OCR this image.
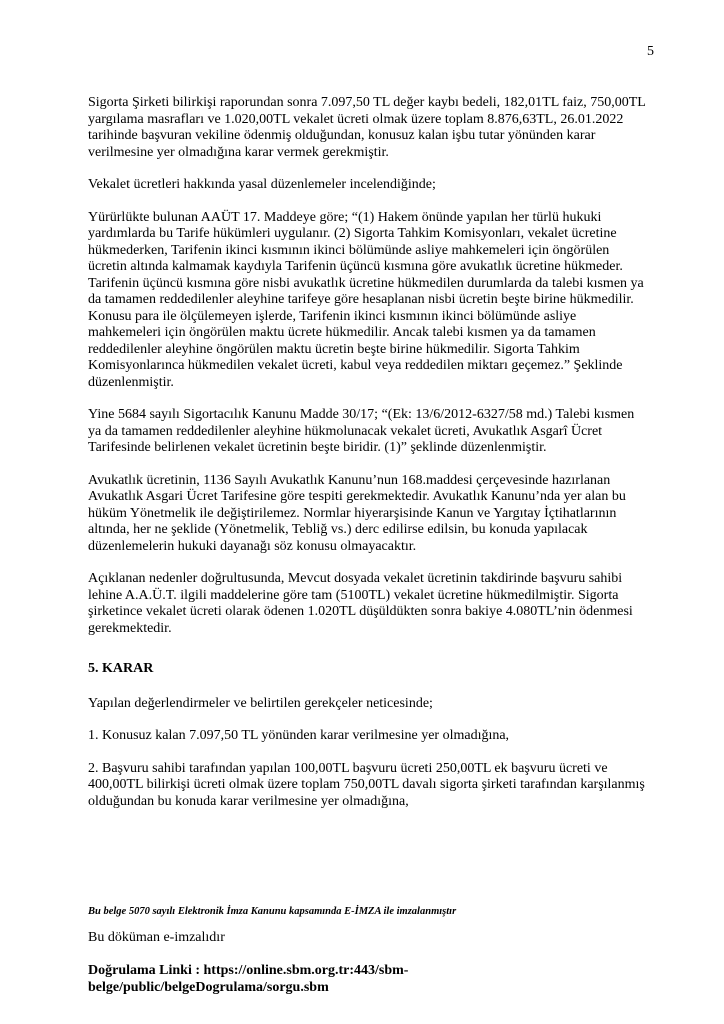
5

Sigorta Şirketi bilirkişi raporundan sonra 7.097,50 TL değer kaybı bedeli, 182,01TL faiz, 750,00TL yargılama masrafları ve 1.020,00TL vekalet ücreti olmak üzere toplam 8.876,63TL, 26.01.2022 tarihinde başvuran vekiline ödenmiş olduğundan, konusuz kalan işbu tutar yönünden karar verilmesine yer olmadığına karar vermek gerekmiştir.

Vekalet ücretleri hakkında yasal düzenlemeler incelendiğinde;

Yürürlükte bulunan AAÜT 17. Maddeye göre; “(1) Hakem önünde yapılan her türlü hukuki yardımlarda bu Tarife hükümleri uygulanır. (2) Sigorta Tahkim Komisyonları, vekalet ücretine hükmederken, Tarifenin ikinci kısmının ikinci bölümünde asliye mahkemeleri için öngörülen ücretin altında kalmamak kaydıyla Tarifenin üçüncü kısmına göre avukatlık ücretine hükmeder. Tarifenin üçüncü kısmına göre nisbi avukatlık ücretine hükmedilen durumlarda da talebi kısmen ya da tamamen reddedilenler aleyhine tarifeye göre hesaplanan nisbi ücretin beşte birine hükmedilir. Konusu para ile ölçülemeyen işlerde, Tarifenin ikinci kısmının ikinci bölümünde asliye mahkemeleri için öngörülen maktu ücrete hükmedilir. Ancak talebi kısmen ya da tamamen reddedilenler aleyhine öngörülen maktu ücretin beşte birine hükmedilir. Sigorta Tahkim Komisyonlarınca hükmedilen vekalet ücreti, kabul veya reddedilen miktarı geçemez.” Şeklinde düzenlenmiştir.

Yine 5684 sayılı Sigortacılık Kanunu Madde 30/17; “(Ek: 13/6/2012-6327/58 md.) Talebi kısmen ya da tamamen reddedilenler aleyhine hükmolunacak vekalet ücreti, Avukatlık Asgarî Ücret Tarifesinde belirlenen vekalet ücretinin beşte biridir. (1)” şeklinde düzenlenmiştir.

Avukatlık ücretinin, 1136 Sayılı Avukatlık Kanunu’nun 168.maddesi çerçevesinde hazırlanan Avukatlık Asgari Ücret Tarifesine göre tespiti gerekmektedir. Avukatlık Kanunu’nda yer alan bu hüküm Yönetmelik ile değiştirilemez. Normlar hiyerarşisinde Kanun ve Yargıtay İçtihatlarının altında, her ne şeklide (Yönetmelik, Tebliğ vs.) derc edilirse edilsin, bu konuda yapılacak düzenlemelerin hukuki dayanağı söz konusu olmayacaktır.

Açıklanan nedenler doğrultusunda, Mevcut dosyada vekalet ücretinin takdirinde başvuru sahibi lehine A.A.Ü.T. ilgili maddelerine göre tam (5100TL) vekalet ücretine hükmedilmiştir. Sigorta şirketince vekalet ücreti olarak ödenen 1.020TL düşüldükten sonra bakiye 4.080TL’nin ödenmesi gerekmektedir.

5. KARAR

Yapılan değerlendirmeler ve belirtilen gerekçeler neticesinde;

1. Konusuz kalan 7.097,50 TL yönünden karar verilmesine yer olmadığına,

2. Başvuru sahibi tarafından yapılan 100,00TL başvuru ücreti 250,00TL ek başvuru ücreti ve 400,00TL bilirkişi ücreti olmak üzere toplam 750,00TL davalı sigorta şirketi tarafından karşılanmış olduğundan bu konuda karar verilmesine yer olmadığına,

Bu belge 5070 sayılı Elektronik İmza Kanunu kapsamında E-İMZA ile imzalanmıştır

Bu döküman e-imzalıdır

Doğrulama Linki : https://online.sbm.org.tr:443/sbm-
belge/public/belgeDogrulama/sorgu.sbm
